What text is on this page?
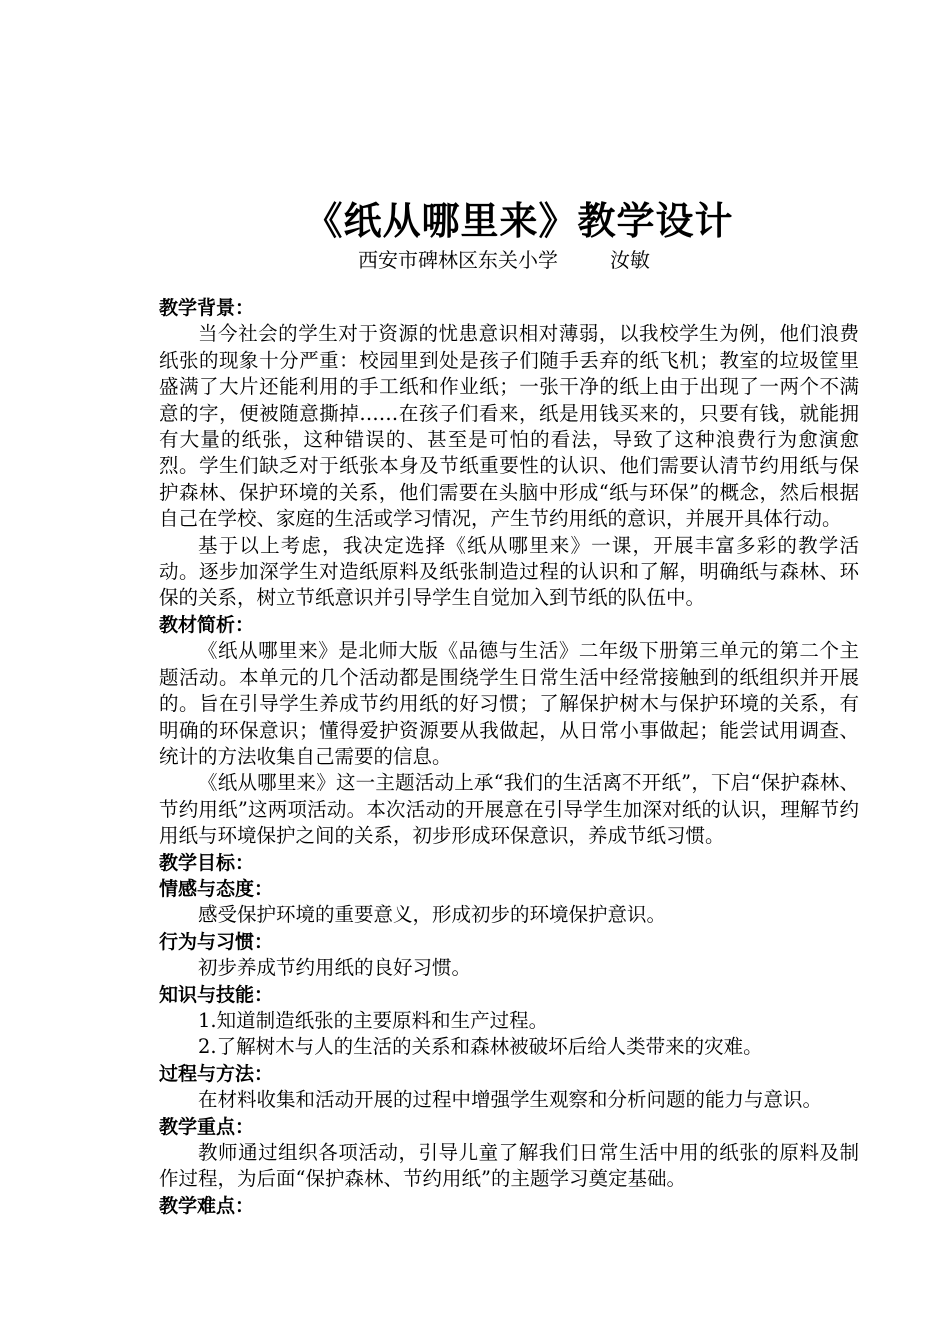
《纸从哪里来》教学设计
西安市碑林区东关小学	汝敏
教学背景：

当今社会的学生对于资源的忧患意识相对薄弱，以我校学生为例，他们浪费纸张的现象十分严重：校园里到处是孩子们随手丢弃的纸飞机；教室的垃圾筐里盛满了大片还能利用的手工纸和作业纸；一张干净的纸上由于出现了一两个不满意的字，便被随意撕掉……在孩子们看来，纸是用钱买来的，只要有钱，就能拥有大量的纸张，这种错误的、甚至是可怕的看法，导致了这种浪费行为愈演愈烈。学生们缺乏对于纸张本身及节纸重要性的认识、他们需要认清节约用纸与保护森林、保护环境的关系，他们需要在头脑中形成“纸与环保”的概念，然后根据自己在学校、家庭的生活或学习情况，产生节约用纸的意识，并展开具体行动。

基于以上考虑，我决定选择《纸从哪里来》一课，开展丰富多彩的教学活动。逐步加深学生对造纸原料及纸张制造过程的认识和了解，明确纸与森林、环保的关系，树立节纸意识并引导学生自觉加入到节纸的队伍中。

教材简析：

《纸从哪里来》是北师大版《品德与生活》二年级下册第三单元的第二个主题活动。本单元的几个活动都是围绕学生日常生活中经常接触到的纸组织并开展的。旨在引导学生养成节约用纸的好习惯；了解保护树木与保护环境的关系，有明确的环保意识；懂得爱护资源要从我做起，从日常小事做起；能尝试用调查、统计的方法收集自己需要的信息。

《纸从哪里来》这一主题活动上承“我们的生活离不开纸”，下启“保护森林、节约用纸”这两项活动。本次活动的开展意在引导学生加深对纸的认识，理解节约用纸与环境保护之间的关系，初步形成环保意识，养成节纸习惯。

教学目标：
情感与态度：

感受保护环境的重要意义，形成初步的环境保护意识。

行为与习惯：

初步养成节约用纸的良好习惯。

知识与技能：

1.知道制造纸张的主要原料和生产过程。

2.了解树木与人的生活的关系和森林被破坏后给人类带来的灾难。

过程与方法：

在材料收集和活动开展的过程中增强学生观察和分析问题的能力与意识。

教学重点：

教师通过组织各项活动，引导儿童了解我们日常生活中用的纸张的原料及制作过程，为后面“保护森林、节约用纸”的主题学习奠定基础。

教学难点：
